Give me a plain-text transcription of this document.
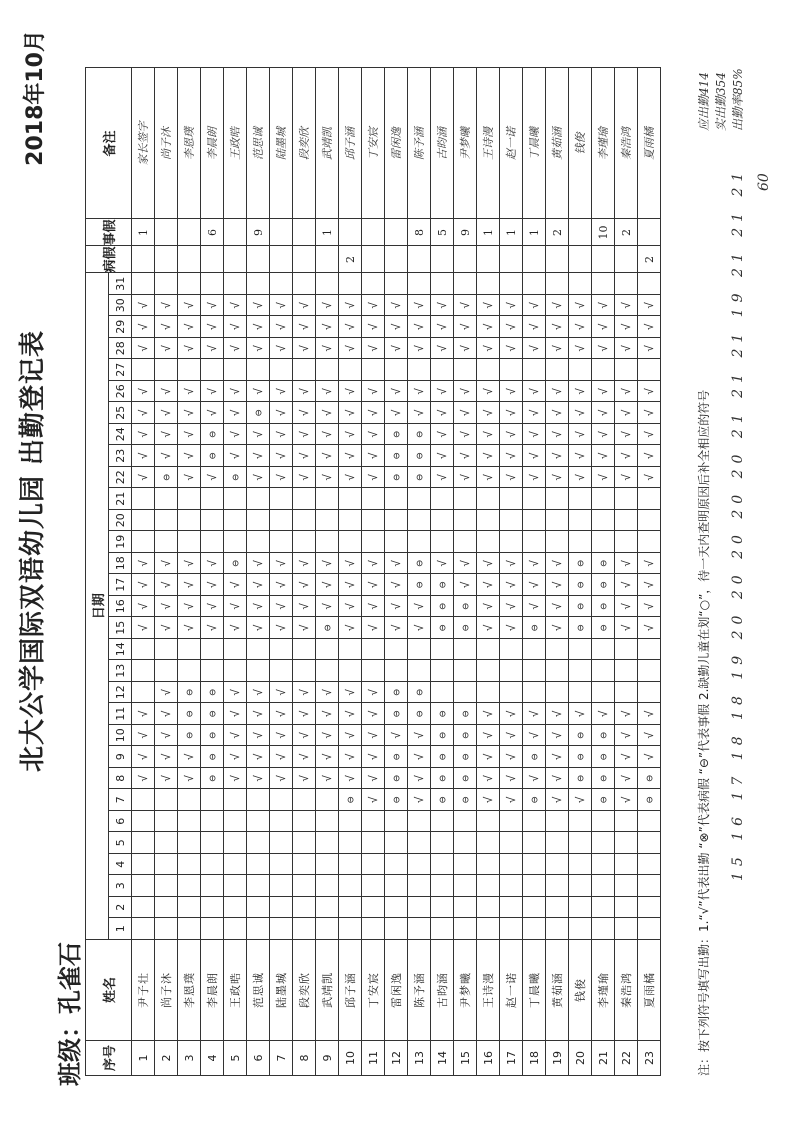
北大公学国际双语幼儿园 出勤登记表
2018年10月
班级：孔雀石 序号	姓名	日期																															病假	事假	备注
		1	2	3	4	5	6	7	8	9	10	11	12	13	14	15	16	17	18	19	20	21	22	23	24	25	26	27	28	29	30	31			
1	尹子壮								√	√	√	√				√	√	√	√				√	√	√	√	√		√	√	√			1	家长签字
2	尚子沐								√	√	√	√	√			√	√	√	√				⊖	√	√	√	√		√	√	√				尚子沐
3	李恩璞								√	√	⊖	⊖	⊖			√	√	√	√				√	√	√	√	√		√	√	√				李恩璞
4	李晨朗								⊖	⊖	⊖	⊖	⊖			√	√	√	√				√	⊖	⊖	√	√		√	√	√			6	李晨朗
5	王政晧								√	√	√	√	√			√	√	√	⊖				⊖	√	√	√	√		√	√	√				王政晧
6	范思诚								√	√	√	√	√			√	√	√	√				√	√	√	⊖	√		√	√	√			9	范思诚
7	陆墨城								√	√	√	√	√			√	√	√	√				√	√	√	√	√		√	√	√				陆墨城
8	段奕欣								√	√	√	√	√			√	√	√	√				√	√	√	√	√		√	√	√				段奕欣
9	武靖凯								√	√	√	√	√			⊖	√	√	√				√	√	√	√	√		√	√	√			1	武靖凯
10	邱子涵							⊖	√	√	√	√	√			√	√	√	√				√	√	√	√	√		√	√	√		2		邱子涵
11	丁安宸							√	√	√	√	√	√			√	√	√	√				√	√	√	√	√		√	√	√				丁安宸
12	雷闲逸							⊖	⊖	⊖	√	⊖	⊖			√	√	√	√				⊖	⊖	⊖	√	√		√	√	√				雷闲逸
13	陈予涵							√	√	√	√	⊖	⊖			√	√	⊖	⊖				⊖	⊖	⊖	√	√		√	√	√			8	陈予涵
14	古昀涵							⊖	⊖	⊖	⊖	⊖				⊖	⊖	⊖	√				√	√	√	√	√		√	√	√			5	古昀涵
15	尹梦曦							⊖	⊖	⊖	⊖	⊖				⊖	⊖	√	√				√	√	√	√	√		√	√	√			9	尹梦曦
16	王诗漫							√	√	√	√	√				√	√	√	√				√	√	√	√	√		√	√	√			1	王诗漫
17	赵一诺							√	√	√	√	√				√	√	√	√				√	√	√	√	√		√	√	√			1	赵一诺
18	丁晨曦							⊖	√	⊖	√	√				⊖	√	√	√				√	√	√	√	√		√	√	√			1	丁晨曦
19	黄茹涵							√	√	√	√	√				√	√	√	√				√	√	√	√	√		√	√	√			2	黄茹涵
20	钱俊							√	⊖	⊖	⊖	√				⊖	⊖	⊖	⊖				√	√	√	√	√		√	√	√				钱俊
21	李瑾瑜							⊖	⊖	⊖	⊖	√				⊖	⊖	⊖	⊖				√	√	√	√	√		√	√	√			10	李瑾瑜
22	秦浩鸿							√	√	√	√	√				√	√	√	√				√	√	√	√	√		√	√	√			2	秦浩鸿
23	夏雨橘							⊖	⊖	√	√	√				√	√	√	√				√	√	√	√	√		√	√	√		2		夏雨橘
注：按下列符号填写出勤：1.“√”代表出勤 “⊗”代表病假 “⊖”代表事假 2.缺勤儿童在划“○”，待一天内查明原因后补全相应的符号 15 16 17 18 18 19 20 20 20 20 20 21 21 21 19 21 21 21 60
应出勤414 实出勤354 出勤率85%
